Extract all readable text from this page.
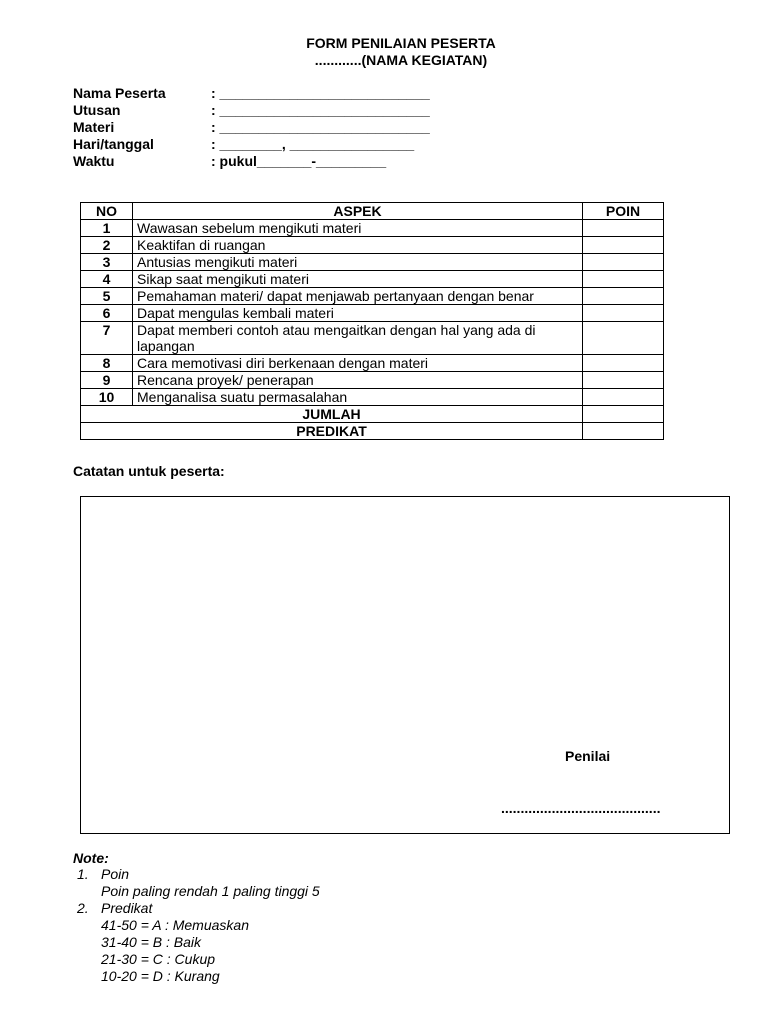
FORM PENILAIAN PESERTA
............(NAMA KEGIATAN)
Nama Peserta	: ___________________________
Utusan	: ___________________________
Materi	: ___________________________
Hari/tanggal	: ________, ________________
Waktu	: pukul_______-_________
NO	ASPEK	POIN
1	Wawasan sebelum mengikuti materi	
2	Keaktifan di ruangan	
3	Antusias mengikuti materi	
4	Sikap saat mengikuti materi	
5	Pemahaman materi/ dapat menjawab pertanyaan dengan benar	
6	Dapat mengulas kembali materi	
7	Dapat memberi contoh atau mengaitkan dengan hal yang ada di lapangan	
8	Cara memotivasi diri berkenaan dengan materi	
9	Rencana proyek/ penerapan	
10	Menganalisa suatu permasalahan	
JUMLAH		
PREDIKAT		
Catatan untuk peserta:
Penilai
.........................................
Note:
1. Poin
Poin paling rendah 1 paling tinggi 5
2. Predikat
41-50 = A : Memuaskan
31-40 = B : Baik
21-30 = C : Cukup
10-20 = D : Kurang
